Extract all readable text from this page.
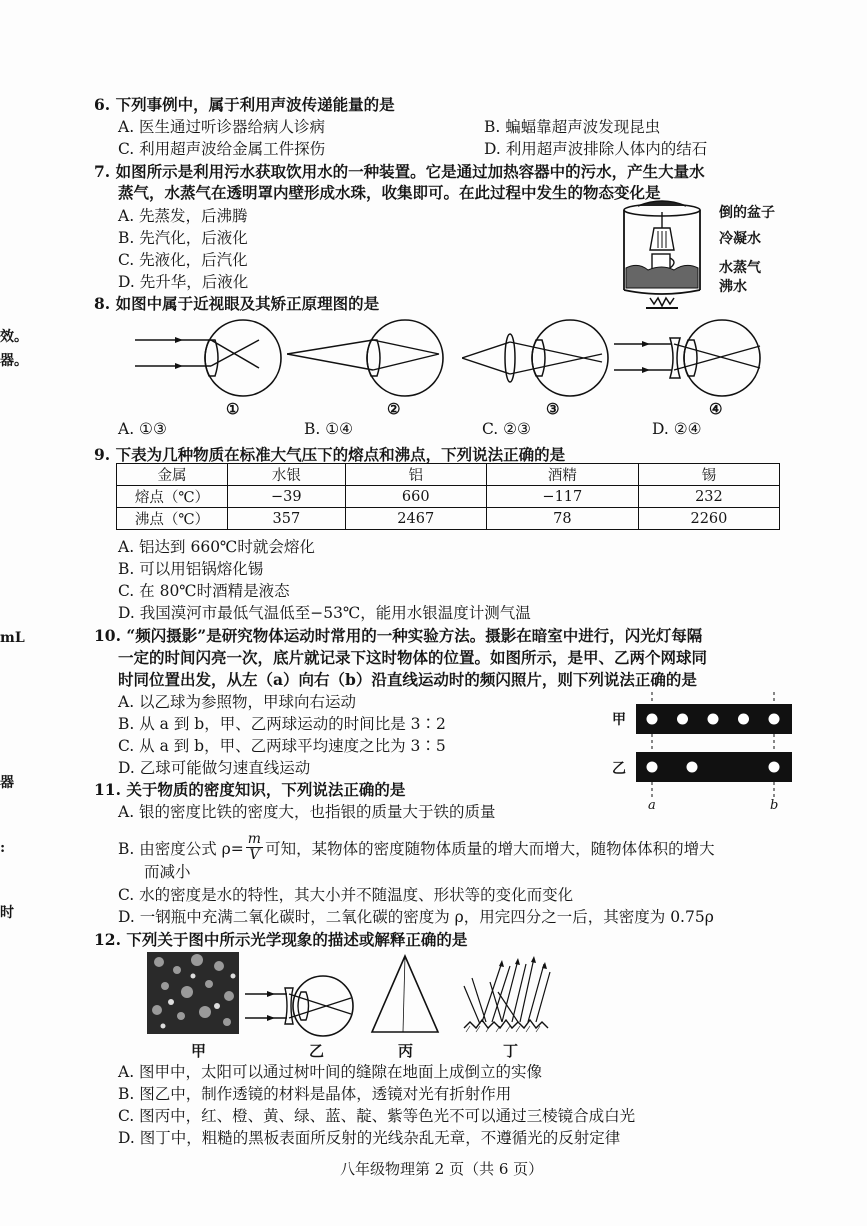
效。
器。
mL
器
:
时
6. 下列事例中，属于利用声波传递能量的是
A. 医生通过听诊器给病人诊病	B. 蝙蝠靠超声波发现昆虫
C. 利用超声波给金属工件探伤	D. 利用超声波排除人体内的结石
7. 如图所示是利用污水获取饮用水的一种装置。它是通过加热容器中的污水，产生大量水
蒸气，水蒸气在透明罩内壁形成水珠，收集即可。在此过程中发生的物态变化是
A. 先蒸发，后沸腾
B. 先汽化，后液化
C. 先液化，后汽化
D. 先升华，后液化
倒的盆子
冷凝水
水蒸气
沸水
8. 如图中属于近视眼及其矫正原理图的是
①	②	③	④
A. ①③	B. ①④	C. ②③	D. ②④
9. 下表为几种物质在标准大气压下的熔点和沸点，下列说法正确的是
金属	水银	铝	酒精	锡
熔点（℃）	−39	660	−117	232
沸点（℃）	357	2467	78	2260
A. 铝达到 660℃时就会熔化
B. 可以用铝锅熔化锡
C. 在 80℃时酒精是液态
D. 我国漠河市最低气温低至−53℃，能用水银温度计测气温
10. “频闪摄影”是研究物体运动时常用的一种实验方法。摄影在暗室中进行，闪光灯每隔
一定的时间闪亮一次，底片就记录下这时物体的位置。如图所示，是甲、乙两个网球同
时同位置出发，从左（a）向右（b）沿直线运动时的频闪照片，则下列说法正确的是
A. 以乙球为参照物，甲球向右运动
B. 从 a 到 b，甲、乙两球运动的时间比是 3∶2
C. 从 a 到 b，甲、乙两球平均速度之比为 3∶5
D. 乙球可能做匀速直线运动
甲
乙
a	b
11. 关于物质的密度知识，下列说法正确的是
A. 银的密度比铁的密度大，也指银的质量大于铁的质量
B. 由密度公式 $\rho= \frac{m}{V}$ 可知，某物体的密度随物体质量的增大而增大，随物体体积的增大
而减小
C. 水的密度是水的特性，其大小并不随温度、形状等的变化而变化
D. 一钢瓶中充满二氧化碳时，二氧化碳的密度为 ρ，用完四分之一后，其密度为 0.75ρ
12. 下列关于图中所示光学现象的描述或解释正确的是
甲	乙	丙	丁
A. 图甲中，太阳可以通过树叶间的缝隙在地面上成倒立的实像
B. 图乙中，制作透镜的材料是晶体，透镜对光有折射作用
C. 图丙中，红、橙、黄、绿、蓝、靛、紫等色光不可以通过三棱镜合成白光
D. 图丁中，粗糙的黑板表面所反射的光线杂乱无章，不遵循光的反射定律
八年级物理第 2 页（共 6 页）
